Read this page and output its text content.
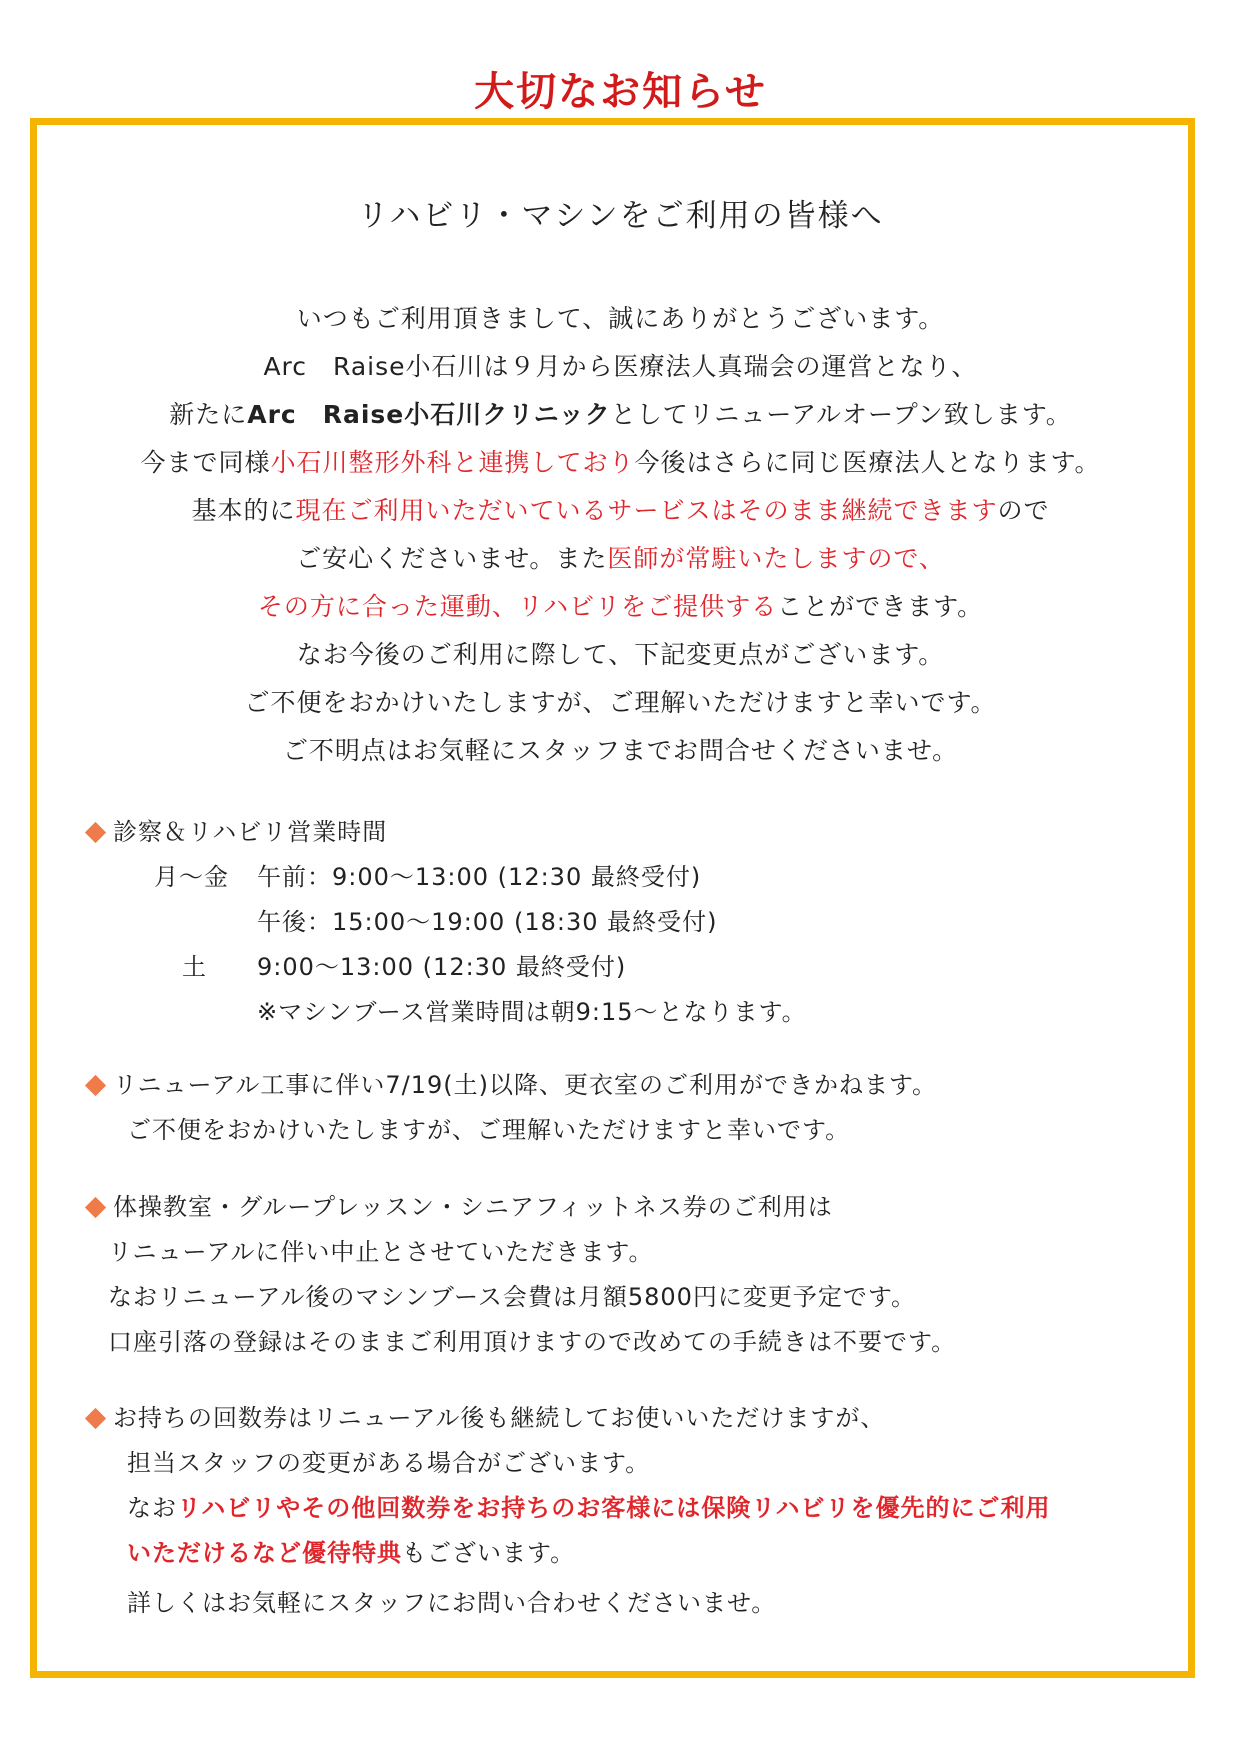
大切なお知らせ
リハビリ・マシンをご利用の皆様へ
いつもご利用頂きまして、誠にありがとうございます。
Arc　Raise小石川は９月から医療法人真瑞会の運営となり、
新たにArc　Raise小石川クリニックとしてリニューアルオープン致します。
今まで同様小石川整形外科と連携しており今後はさらに同じ医療法人となります。
基本的に現在ご利用いただいているサービスはそのまま継続できますので
ご安心くださいませ。また医師が常駐いたしますので、
その方に合った運動、リハビリをご提供することができます。
なお今後のご利用に際して、下記変更点がございます。
ご不便をおかけいたしますが、ご理解いただけますと幸いです。
ご不明点はお気軽にスタッフまでお問合せくださいませ。
診察＆リハビリ営業時間
月～金	午前：9:00～13:00 (12:30 最終受付)
午後：15:00～19:00 (18:30 最終受付)
土	9:00～13:00 (12:30 最終受付)
※マシンブース営業時間は朝9:15～となります。
リニューアル工事に伴い7/19(土)以降、更衣室のご利用ができかねます。
ご不便をおかけいたしますが、ご理解いただけますと幸いです。
体操教室・グループレッスン・シニアフィットネス券のご利用は
リニューアルに伴い中止とさせていただきます。
なおリニューアル後のマシンブース会費は月額5800円に変更予定です。
口座引落の登録はそのままご利用頂けますので改めての手続きは不要です。
お持ちの回数券はリニューアル後も継続してお使いいただけますが、
担当スタッフの変更がある場合がございます。
なおリハビリやその他回数券をお持ちのお客様には保険リハビリを優先的にご利用
いただけるなど優待特典もございます。
詳しくはお気軽にスタッフにお問い合わせくださいませ。
